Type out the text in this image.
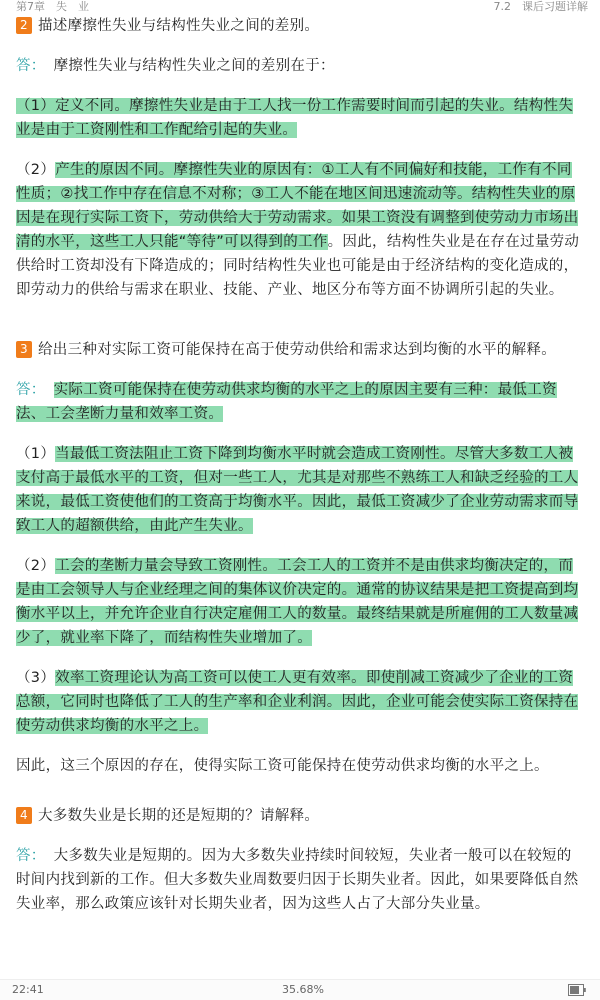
第7章　失　业	7.2　课后习题详解

2 描述摩擦性失业与结构性失业之间的差别。

答： 摩擦性失业与结构性失业之间的差别在于：

（1）定义不同。摩擦性失业是由于工人找一份工作需要时间而引起的失业。结构性失业是由于工资刚性和工作配给引起的失业。

（2）产生的原因不同。摩擦性失业的原因有：①工人有不同偏好和技能，工作有不同性质；②找工作中存在信息不对称；③工人不能在地区间迅速流动等。结构性失业的原因是在现行实际工资下，劳动供给大于劳动需求。如果工资没有调整到使劳动力市场出清的水平，这些工人只能“等待”可以得到的工作。因此，结构性失业是在存在过量劳动供给时工资却没有下降造成的；同时结构性失业也可能是由于经济结构的变化造成的，即劳动力的供给与需求在职业、技能、产业、地区分布等方面不协调所引起的失业。

3 给出三种对实际工资可能保持在高于使劳动供给和需求达到均衡的水平的解释。

答： 实际工资可能保持在使劳动供求均衡的水平之上的原因主要有三种：最低工资法、工会垄断力量和效率工资。

（1）当最低工资法阻止工资下降到均衡水平时就会造成工资刚性。尽管大多数工人被支付高于最低水平的工资，但对一些工人，尤其是对那些不熟练工人和缺乏经验的工人来说，最低工资使他们的工资高于均衡水平。因此，最低工资减少了企业劳动需求而导致工人的超额供给，由此产生失业。

（2）工会的垄断力量会导致工资刚性。工会工人的工资并不是由供求均衡决定的，而是由工会领导人与企业经理之间的集体议价决定的。通常的协议结果是把工资提高到均衡水平以上，并允许企业自行决定雇佣工人的数量。最终结果就是所雇佣的工人数量减少了，就业率下降了，而结构性失业增加了。

（3）效率工资理论认为高工资可以使工人更有效率。即使削减工资减少了企业的工资总额，它同时也降低了工人的生产率和企业利润。因此，企业可能会使实际工资保持在使劳动供求均衡的水平之上。

因此，这三个原因的存在，使得实际工资可能保持在使劳动供求均衡的水平之上。

4 大多数失业是长期的还是短期的？请解释。

答： 大多数失业是短期的。因为大多数失业持续时间较短，失业者一般可以在较短的时间内找到新的工作。但大多数失业周数要归因于长期失业者。因此，如果要降低自然失业率，那么政策应该针对长期失业者，因为这些人占了大部分失业量。

22:41	35.68%
